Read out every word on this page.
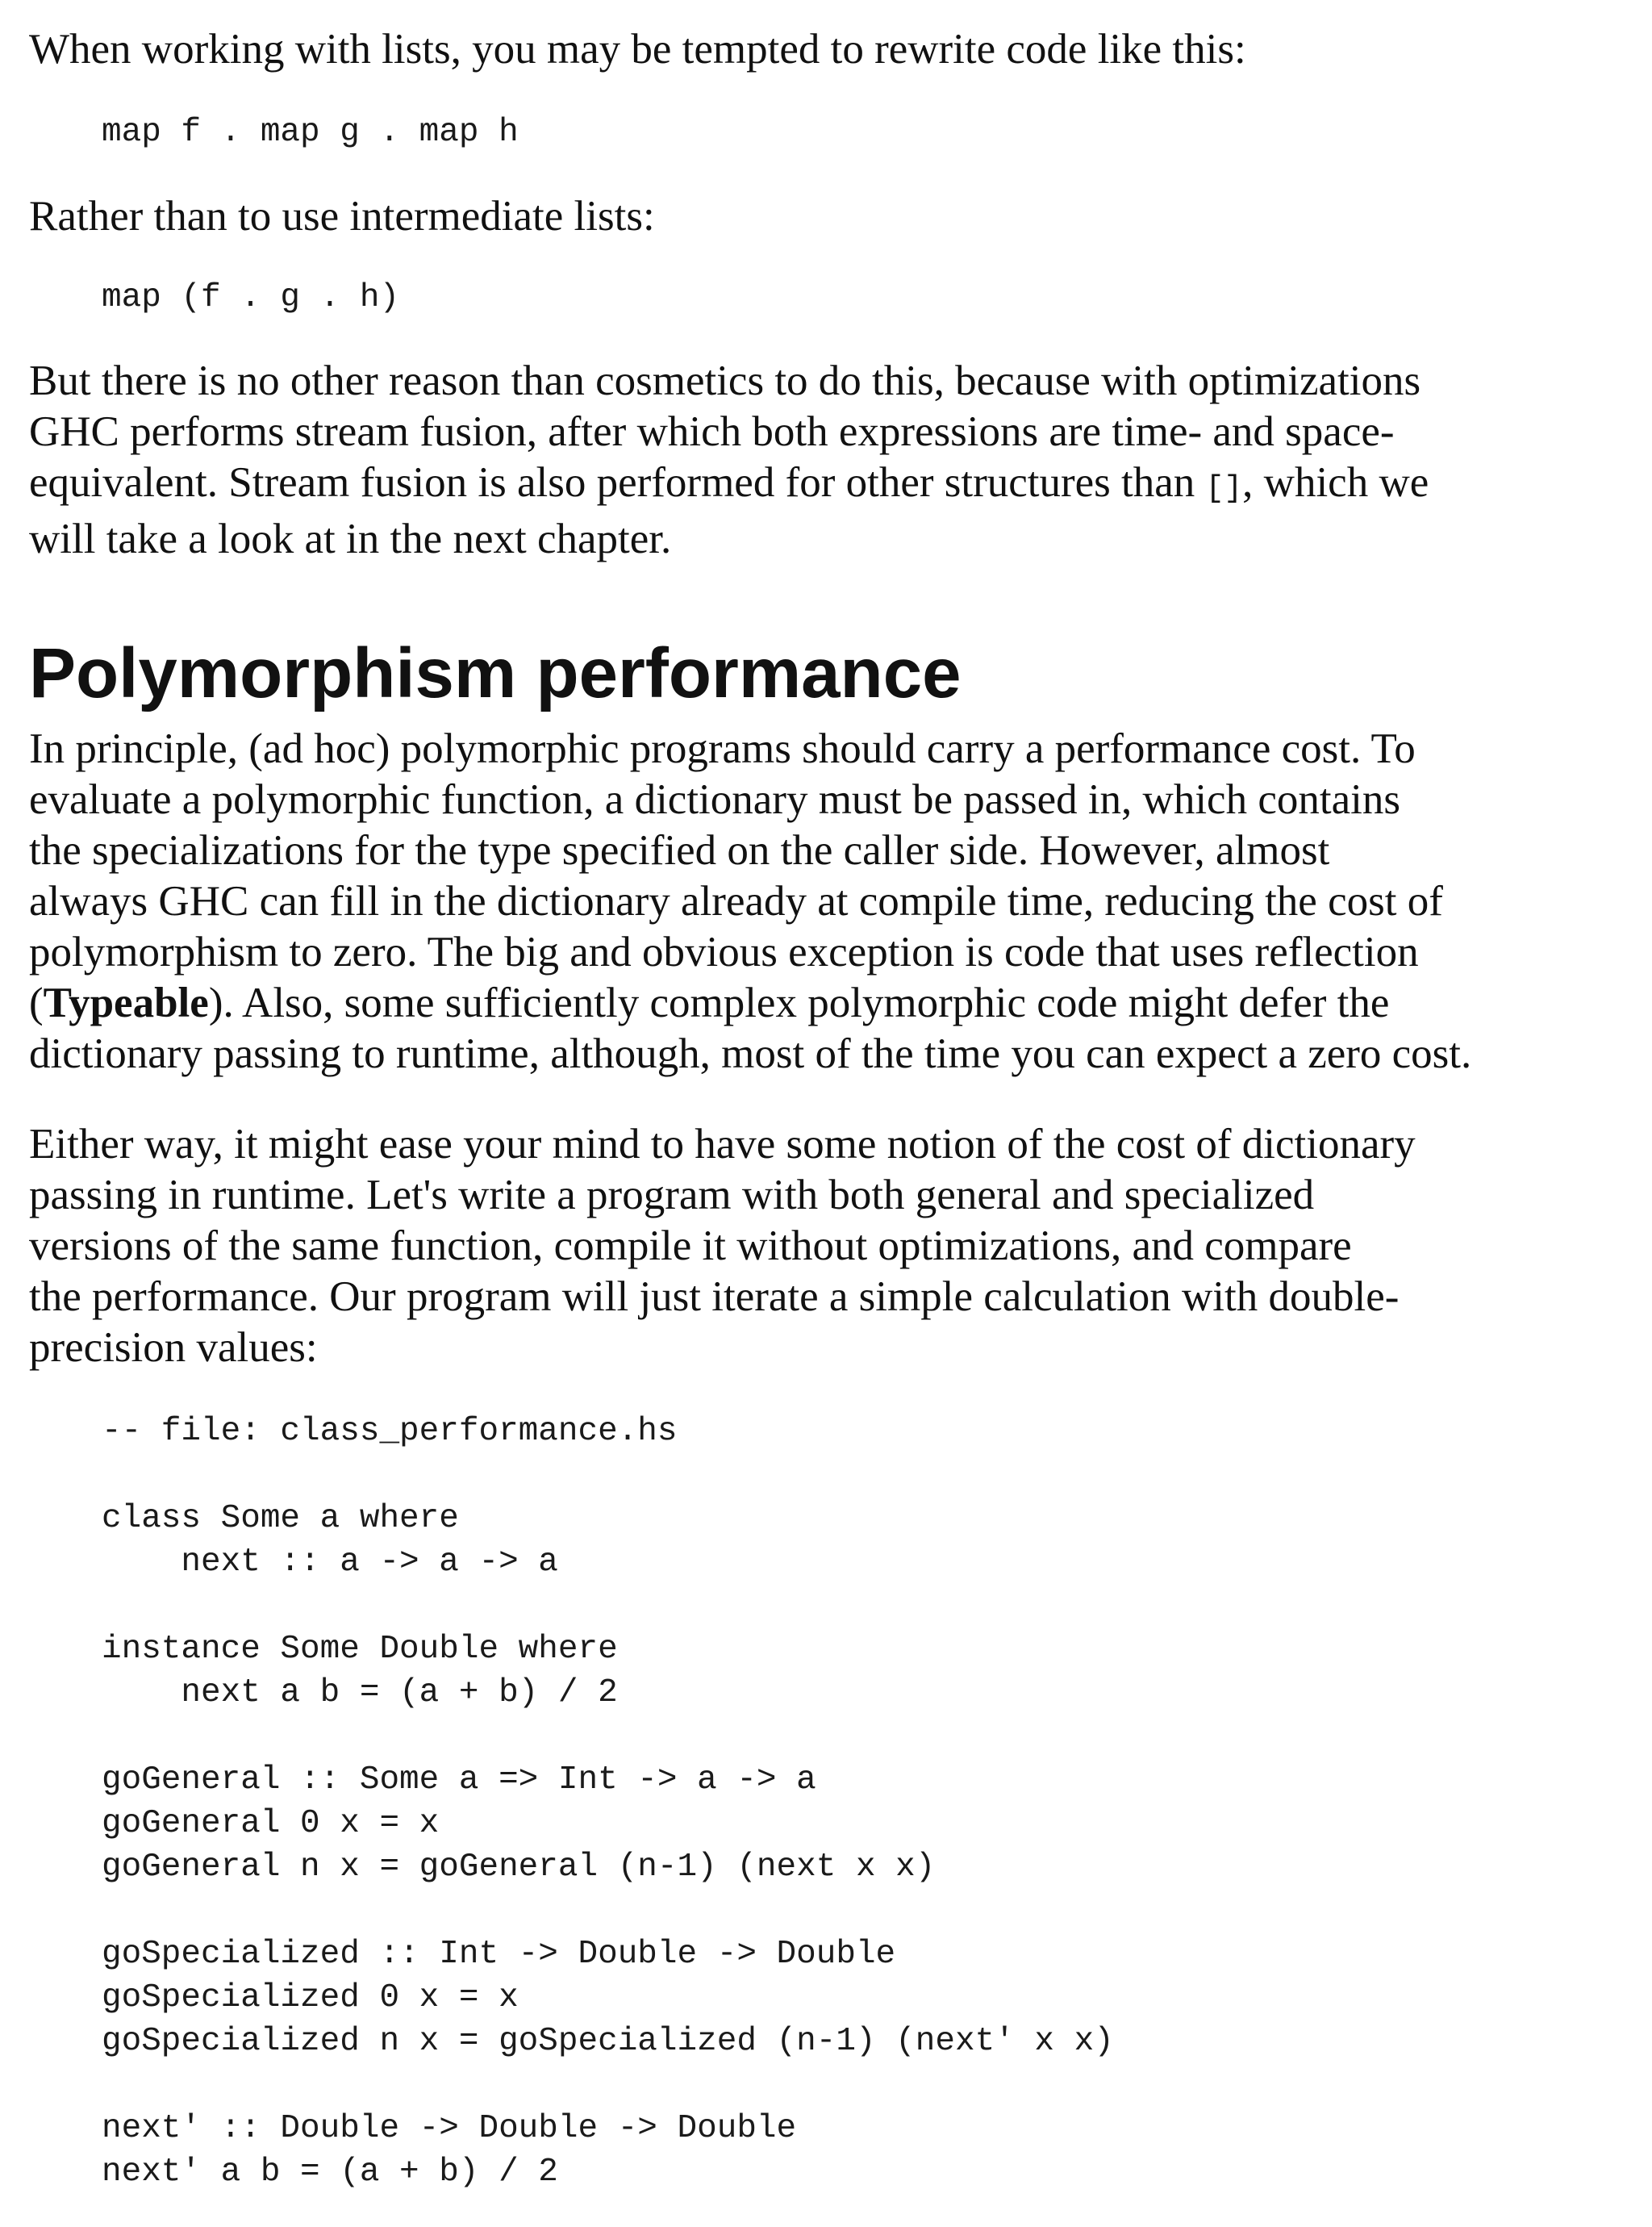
When working with lists, you may be tempted to rewrite code like this:

map f . map g . map h

Rather than to use intermediate lists:

map (f . g . h)

But there is no other reason than cosmetics to do this, because with optimizations
GHC performs stream fusion, after which both expressions are time- and space-
equivalent. Stream fusion is also performed for other structures than [], which we
will take a look at in the next chapter.

Polymorphism performance

In principle, (ad hoc) polymorphic programs should carry a performance cost. To
evaluate a polymorphic function, a dictionary must be passed in, which contains
the specializations for the type specified on the caller side. However, almost
always GHC can fill in the dictionary already at compile time, reducing the cost of
polymorphism to zero. The big and obvious exception is code that uses reflection
(Typeable). Also, some sufficiently complex polymorphic code might defer the
dictionary passing to runtime, although, most of the time you can expect a zero cost.

Either way, it might ease your mind to have some notion of the cost of dictionary
passing in runtime. Let's write a program with both general and specialized
versions of the same function, compile it without optimizations, and compare
the performance. Our program will just iterate a simple calculation with double-
precision values:

-- file: class_performance.hs

class Some a where
next :: a -> a -> a

instance Some Double where
next a b = (a + b) / 2

goGeneral :: Some a => Int -> a -> a
goGeneral 0 x = x
goGeneral n x = goGeneral (n-1) (next x x)

goSpecialized :: Int -> Double -> Double
goSpecialized 0 x = x
goSpecialized n x = goSpecialized (n-1) (next' x x)

next' :: Double -> Double -> Double
next' a b = (a + b) / 2
